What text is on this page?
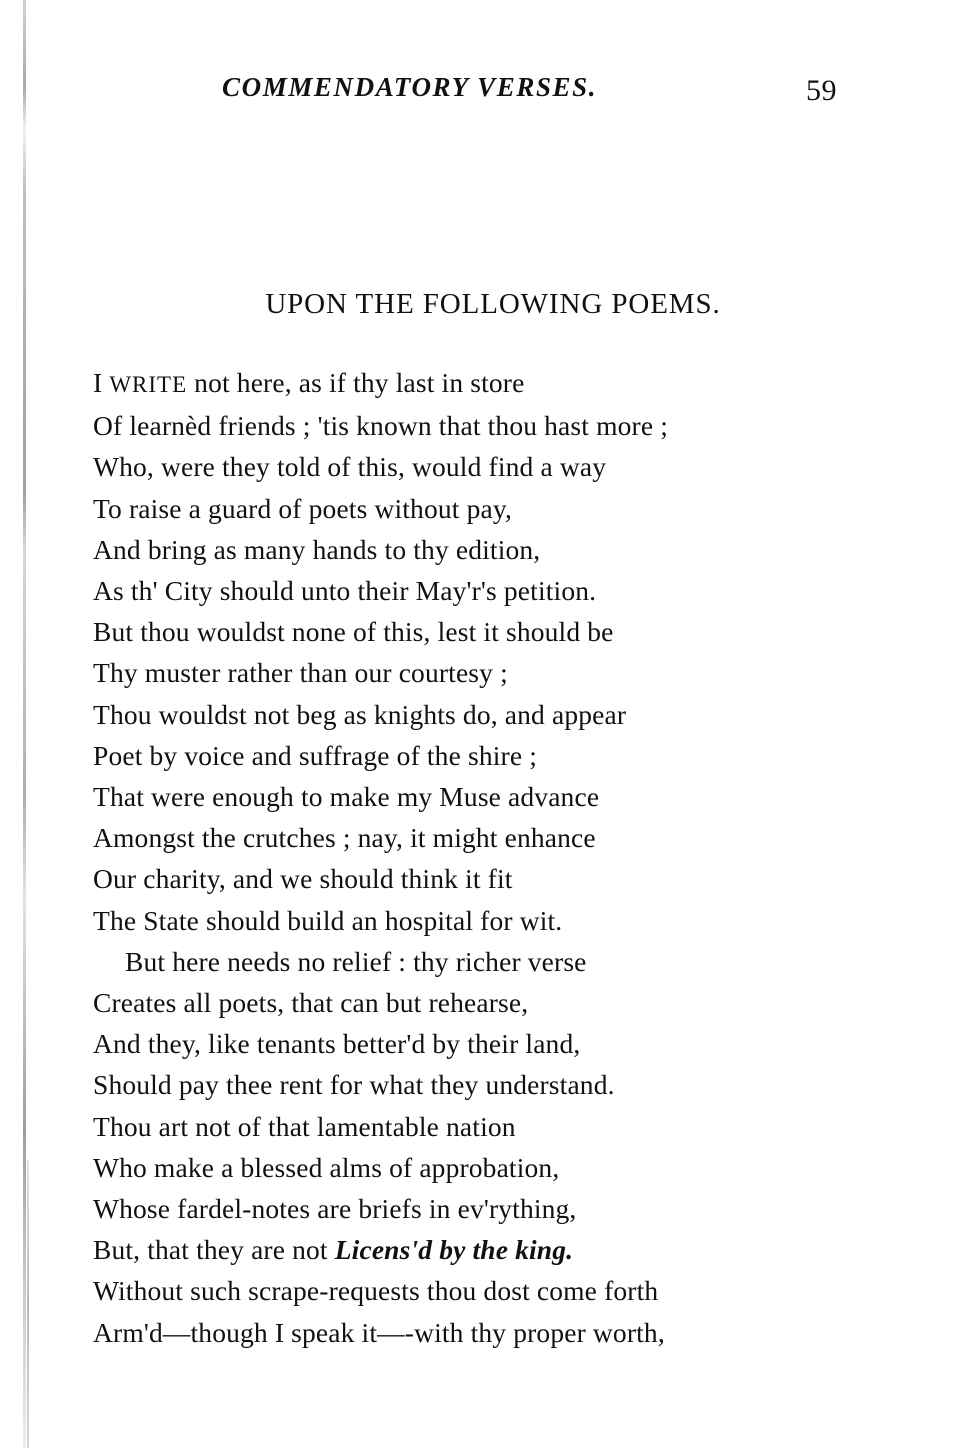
COMMENDATORY VERSES.	59
UPON THE FOLLOWING POEMS.
I WRITE not here, as if thy last in store
Of learnèd friends ; 'tis known that thou hast more ;
Who, were they told of this, would find a way
To raise a guard of poets without pay,
And bring as many hands to thy edition,
As th' City should unto their May'r's petition.
But thou wouldst none of this, lest it should be
Thy muster rather than our courtesy ;
Thou wouldst not beg as knights do, and appear
Poet by voice and suffrage of the shire ;
That were enough to make my Muse advance
Amongst the crutches ; nay, it might enhance
Our charity, and we should think it fit
The State should build an hospital for wit.
But here needs no relief : thy richer verse
Creates all poets, that can but rehearse,
And they, like tenants better'd by their land,
Should pay thee rent for what they understand.
Thou art not of that lamentable nation
Who make a blessed alms of approbation,
Whose fardel-notes are briefs in ev'rything,
But, that they are not Licens'd by the king.
Without such scrape-requests thou dost come forth
Arm'd—though I speak it—-with thy proper worth,
